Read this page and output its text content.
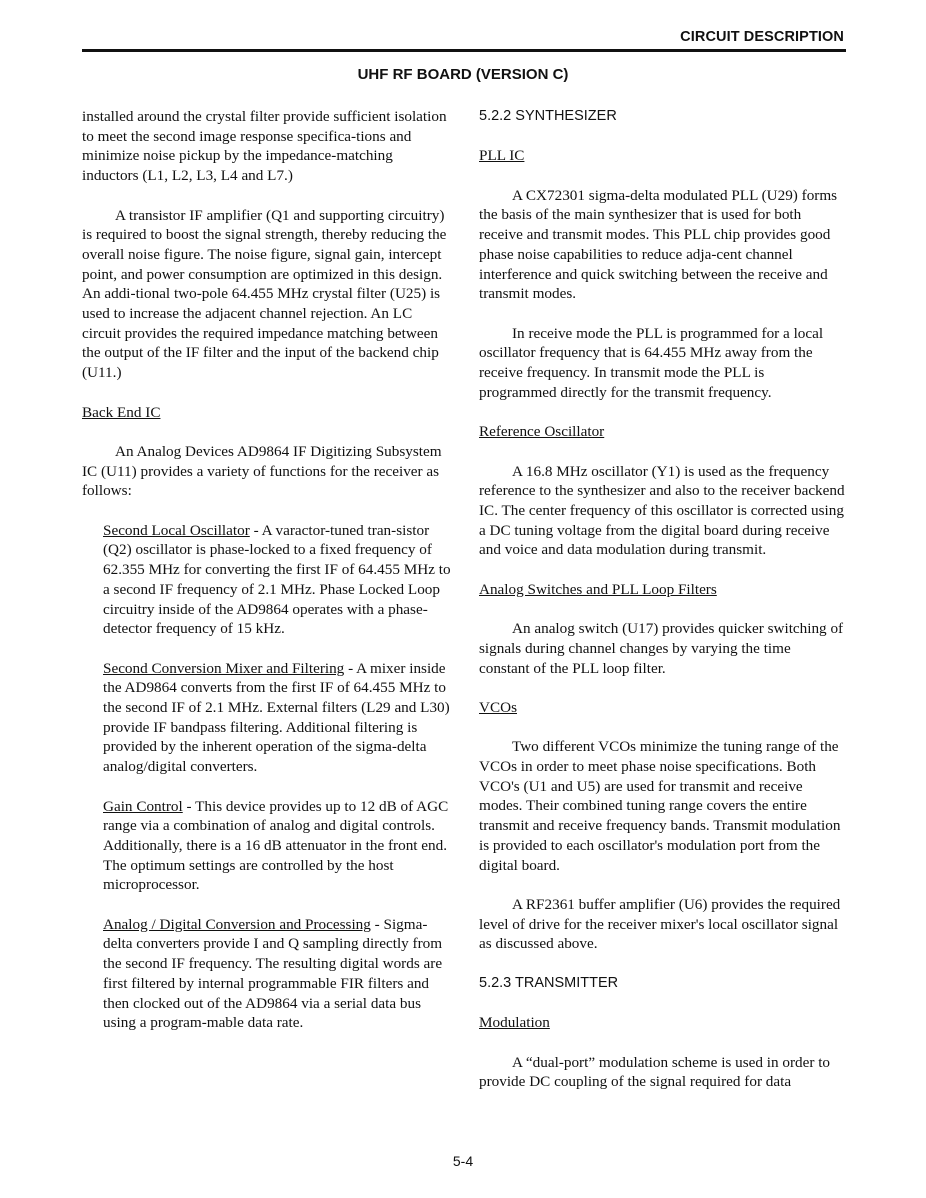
CIRCUIT DESCRIPTION
UHF RF BOARD (VERSION C)

installed around the crystal filter provide sufficient isolation to meet the second image response specifica-tions and minimize noise pickup by the impedance-matching inductors (L1, L2, L3, L4 and L7.)

A transistor IF amplifier (Q1 and supporting circuitry) is required to boost the signal strength, thereby reducing the overall noise figure. The noise figure, signal gain, intercept point, and power consumption are optimized in this design. An addi-tional two-pole 64.455 MHz crystal filter (U25) is used to increase the adjacent channel rejection. An LC circuit provides the required impedance matching between the output of the IF filter and the input of the backend chip (U11.)

Back End IC

An Analog Devices AD9864 IF Digitizing Subsystem IC (U11) provides a variety of functions for the receiver as follows:

Second Local Oscillator - A varactor-tuned tran-sistor (Q2) oscillator is phase-locked to a fixed frequency of 62.355 MHz for converting the first IF of 64.455 MHz to a second IF frequency of 2.1 MHz. Phase Locked Loop circuitry inside of the AD9864 operates with a phase-detector frequency of 15 kHz.

Second Conversion Mixer and Filtering - A mixer inside the AD9864 converts from the first IF of 64.455 MHz to the second IF of 2.1 MHz. External filters (L29 and L30) provide IF bandpass filtering. Additional filtering is provided by the inherent operation of the sigma-delta analog/digital converters.

Gain Control - This device provides up to 12 dB of AGC range via a combination of analog and digital controls. Additionally, there is a 16 dB attenuator in the front end. The optimum settings are controlled by the host microprocessor.

Analog / Digital Conversion and Processing - Sigma-delta converters provide I and Q sampling directly from the second IF frequency. The resulting digital words are first filtered by internal programmable FIR filters and then clocked out of the AD9864 via a serial data bus using a program-mable data rate.

5.2.2 SYNTHESIZER

PLL IC

A CX72301 sigma-delta modulated PLL (U29) forms the basis of the main synthesizer that is used for both receive and transmit modes. This PLL chip provides good phase noise capabilities to reduce adja-cent channel interference and quick switching between the receive and transmit modes.

In receive mode the PLL is programmed for a local oscillator frequency that is 64.455 MHz away from the receive frequency. In transmit mode the PLL is programmed directly for the transmit frequency.

Reference Oscillator

A 16.8 MHz oscillator (Y1) is used as the frequency reference to the synthesizer and also to the receiver backend IC. The center frequency of this oscillator is corrected using a DC tuning voltage from the digital board during receive and voice and data modulation during transmit.

Analog Switches and PLL Loop Filters

An analog switch (U17) provides quicker switching of signals during channel changes by varying the time constant of the PLL loop filter.

VCOs

Two different VCOs minimize the tuning range of the VCOs in order to meet phase noise specifications. Both VCO's (U1 and U5) are used for transmit and receive modes. Their combined tuning range covers the entire transmit and receive frequency bands. Transmit modulation is provided to each oscillator's modulation port from the digital board.

A RF2361 buffer amplifier (U6) provides the required level of drive for the receiver mixer's local oscillator signal as discussed above.

5.2.3 TRANSMITTER

Modulation

A “dual-port” modulation scheme is used in order to provide DC coupling of the signal required for data

5-4
